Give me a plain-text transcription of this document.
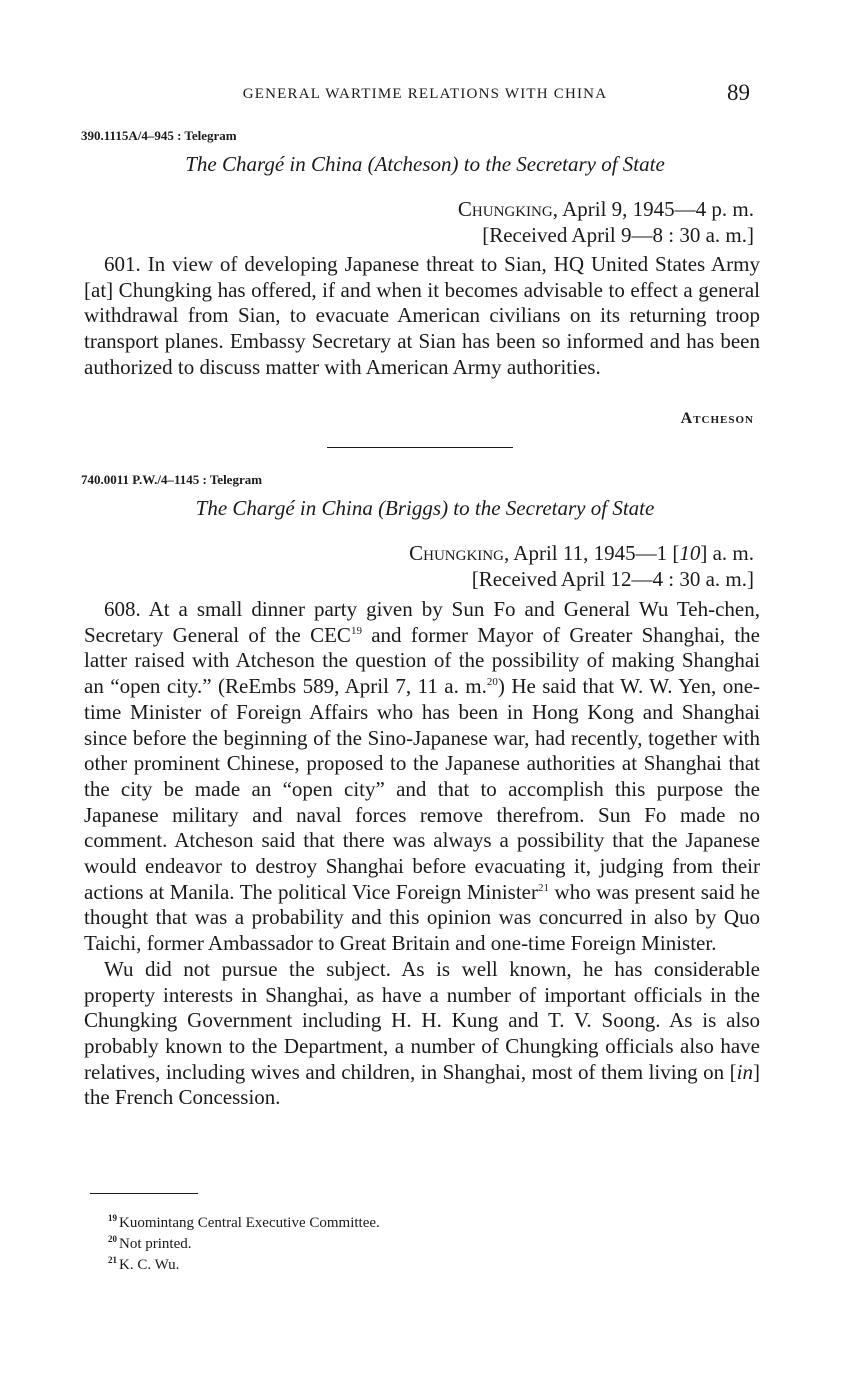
GENERAL WARTIME RELATIONS WITH CHINA	89
390.1115A/4–945 : Telegram
The Chargé in China (Atcheson) to the Secretary of State
Chungking, April 9, 1945—4 p. m.
[Received April 9—8 : 30 a. m.]

601. In view of developing Japanese threat to Sian, HQ United States Army [at] Chungking has offered, if and when it becomes advisable to effect a general withdrawal from Sian, to evacuate American civilians on its returning troop transport planes. Embassy Secretary at Sian has been so informed and has been authorized to discuss matter with American Army authorities.

Atcheson
740.0011 P.W./4–1145 : Telegram
The Chargé in China (Briggs) to the Secretary of State
Chungking, April 11, 1945—1 [10] a. m.
[Received April 12—4 : 30 a. m.]

608. At a small dinner party given by Sun Fo and General Wu Teh-chen, Secretary General of the CEC$^{19}$ and former Mayor of Greater Shanghai, the latter raised with Atcheson the question of the possibility of making Shanghai an “open city.” (ReEmbs 589, April 7, 11 a. m.$^{20}$) He said that W. W. Yen, one-time Minister of Foreign Affairs who has been in Hong Kong and Shanghai since before the beginning of the Sino-Japanese war, had recently, together with other prominent Chinese, proposed to the Japanese authorities at Shanghai that the city be made an “open city” and that to accomplish this purpose the Japanese military and naval forces remove therefrom. Sun Fo made no comment. Atcheson said that there was always a possibility that the Japanese would endeavor to destroy Shanghai before evacuating it, judging from their actions at Manila. The political Vice Foreign Minister$^{21}$ who was present said he thought that was a probability and this opinion was concurred in also by Quo Taichi, former Ambassador to Great Britain and one-time Foreign Minister.

Wu did not pursue the subject. As is well known, he has considerable property interests in Shanghai, as have a number of important officials in the Chungking Government including H. H. Kung and T. V. Soong. As is also probably known to the Department, a number of Chungking officials also have relatives, including wives and children, in Shanghai, most of them living on [in] the French Concession.

$^{19}$ Kuomintang Central Executive Committee.
$^{20}$ Not printed.
$^{21}$ K. C. Wu.
